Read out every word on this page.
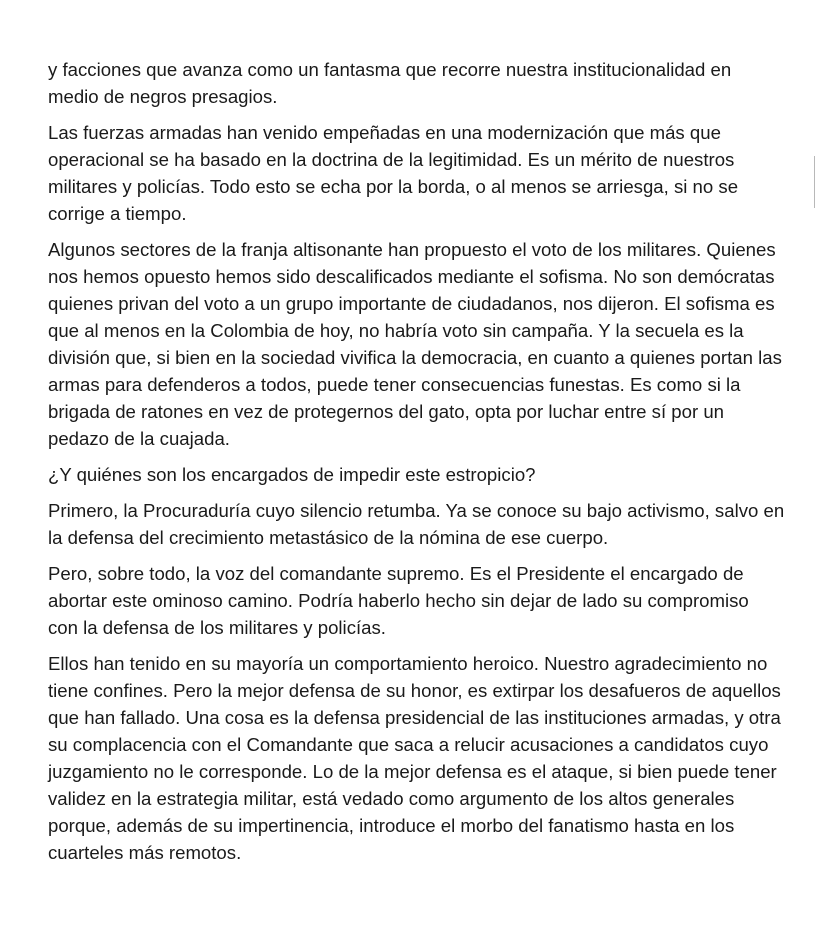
y facciones que avanza como un fantasma que recorre nuestra institucionalidad en
medio de negros presagios.

Las fuerzas armadas han venido empeñadas en una modernización que más que
operacional se ha basado en la doctrina de la legitimidad. Es un mérito de nuestros
militares y policías. Todo esto se echa por la borda, o al menos se arriesga, si no se
corrige a tiempo.

Algunos sectores de la franja altisonante han propuesto el voto de los militares. Quienes
nos hemos opuesto hemos sido descalificados mediante el sofisma. No son demócratas
quienes privan del voto a un grupo importante de ciudadanos, nos dijeron. El sofisma es
que al menos en la Colombia de hoy, no habría voto sin campaña. Y la secuela es la
división que, si bien en la sociedad vivifica la democracia, en cuanto a quienes portan las
armas para defenderos a todos, puede tener consecuencias funestas. Es como si la
brigada de ratones en vez de protegernos del gato, opta por luchar entre sí por un
pedazo de la cuajada.

¿Y quiénes son los encargados de impedir este estropicio?

Primero, la Procuraduría cuyo silencio retumba. Ya se conoce su bajo activismo, salvo en
la defensa del crecimiento metastásico de la nómina de ese cuerpo.

Pero, sobre todo, la voz del comandante supremo. Es el Presidente el encargado de
abortar este ominoso camino. Podría haberlo hecho sin dejar de lado su compromiso
con la defensa de los militares y policías.

Ellos han tenido en su mayoría un comportamiento heroico. Nuestro agradecimiento no
tiene confines. Pero la mejor defensa de su honor, es extirpar los desafueros de aquellos
que han fallado. Una cosa es la defensa presidencial de las instituciones armadas, y otra
su complacencia con el Comandante que saca a relucir acusaciones a candidatos cuyo
juzgamiento no le corresponde. Lo de la mejor defensa es el ataque, si bien puede tener
validez en la estrategia militar, está vedado como argumento de los altos generales
porque, además de su impertinencia, introduce el morbo del fanatismo hasta en los
cuarteles más remotos.
